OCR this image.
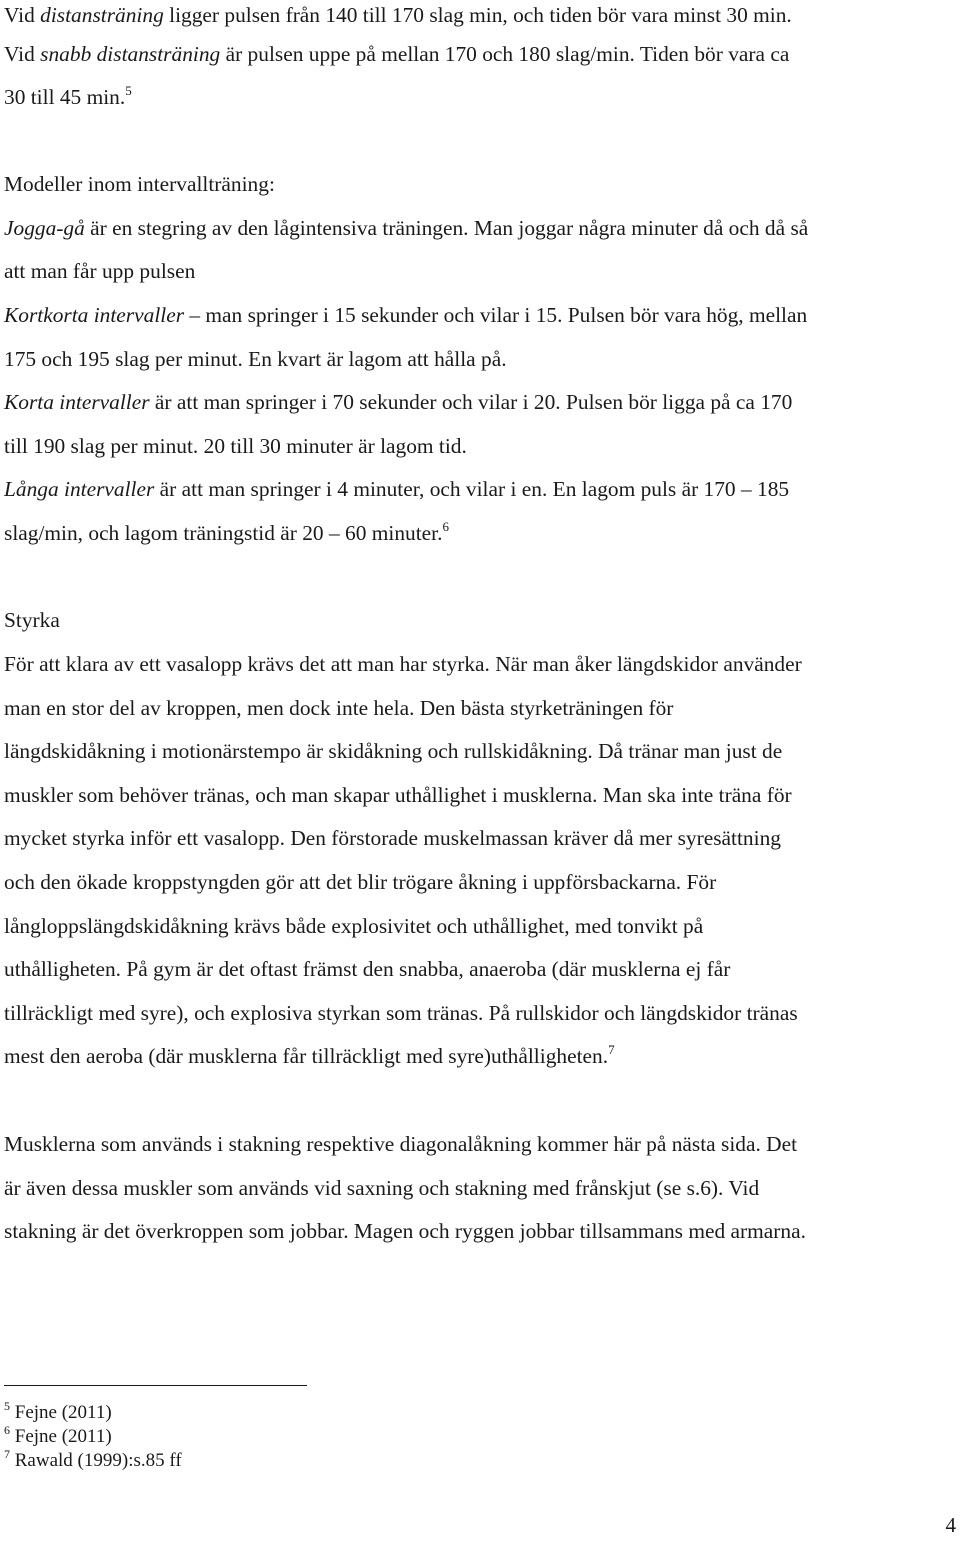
Vid distansträning ligger pulsen från 140 till 170 slag min, och tiden bör vara minst 30 min.
Vid snabb distansträning är pulsen uppe på mellan 170 och 180 slag/min. Tiden bör vara ca
30 till 45 min.$^5$
Modeller inom intervallträning:
Jogga-gå är en stegring av den lågintensiva träningen. Man joggar några minuter då och då så
att man får upp pulsen
Kortkorta intervaller – man springer i 15 sekunder och vilar i 15. Pulsen bör vara hög, mellan
175 och 195 slag per minut. En kvart är lagom att hålla på.
Korta intervaller är att man springer i 70 sekunder och vilar i 20. Pulsen bör ligga på ca 170
till 190 slag per minut. 20 till 30 minuter är lagom tid.
Långa intervaller är att man springer i 4 minuter, och vilar i en. En lagom puls är 170 – 185
slag/min, och lagom träningstid är 20 – 60 minuter.$^6$
Styrka
För att klara av ett vasalopp krävs det att man har styrka. När man åker längdskidor använder
man en stor del av kroppen, men dock inte hela. Den bästa styrketräningen för
längdskidåkning i motionärstempo är skidåkning och rullskidåkning. Då tränar man just de
muskler som behöver tränas, och man skapar uthållighet i musklerna. Man ska inte träna för
mycket styrka inför ett vasalopp. Den förstorade muskelmassan kräver då mer syresättning
och den ökade kroppstyngden gör att det blir trögare åkning i uppförsbackarna. För
långloppslängdskidåkning krävs både explosivitet och uthållighet, med tonvikt på
uthålligheten. På gym är det oftast främst den snabba, anaeroba (där musklerna ej får
tillräckligt med syre), och explosiva styrkan som tränas. På rullskidor och längdskidor tränas
mest den aeroba (där musklerna får tillräckligt med syre)uthålligheten.$^7$
Musklerna som används i stakning respektive diagonalåkning kommer här på nästa sida. Det
är även dessa muskler som används vid saxning och stakning med frånskjut (se s.6). Vid
stakning är det överkroppen som jobbar. Magen och ryggen jobbar tillsammans med armarna.
$^5$ Fejne (2011)
$^6$ Fejne (2011)
$^7$ Rawald (1999):s.85 ff
4
